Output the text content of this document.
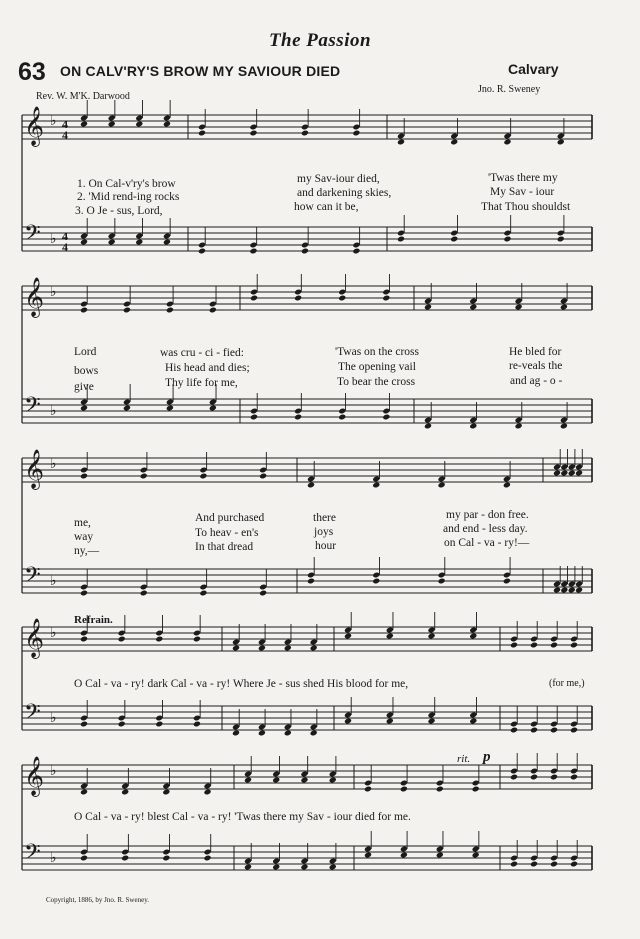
𝄞 ♭ 4
4
𝄢 ♭ 4
4
𝄞 ♭
𝄢 ♭
𝄞 ♭
𝄢 ♭
𝄞 ♭
𝄢 ♭
𝄞 ♭
𝄢 ♭
The Passion
63 ON CALV'RY'S BROW MY SAVIOUR DIED	Calvary
Rev. W. M'K. Darwood
Jno. R. Sweney
1. On Cal-v'ry's brow	my Sav-iour died,	'Twas there my
2. 'Mid rend-ing rocks	and darkening skies,	My Sav - iour
3. O Je - sus, Lord,	how can it be,	That Thou shouldst
Lord	was cru - ci - fied:	'Twas on the cross	He bled for
bows	His head and dies;	The opening vail	re-veals the
give	Thy life for me,	To bear the cross	and ag - o -
me,	And purchased	there	my par - don free.
way	To heav - en's	joys	and end - less day.
ny,—	In that dread	hour	on Cal - va - ry!—
Refrain.
O Cal - va - ry! dark Cal - va - ry! Where Je - sus shed His blood for me,	(for me,)
O Cal - va - ry! blest Cal - va - ry! 'Twas there my Sav - iour died for me.
rit. p
Copyright, 1886, by Jno. R. Sweney.
